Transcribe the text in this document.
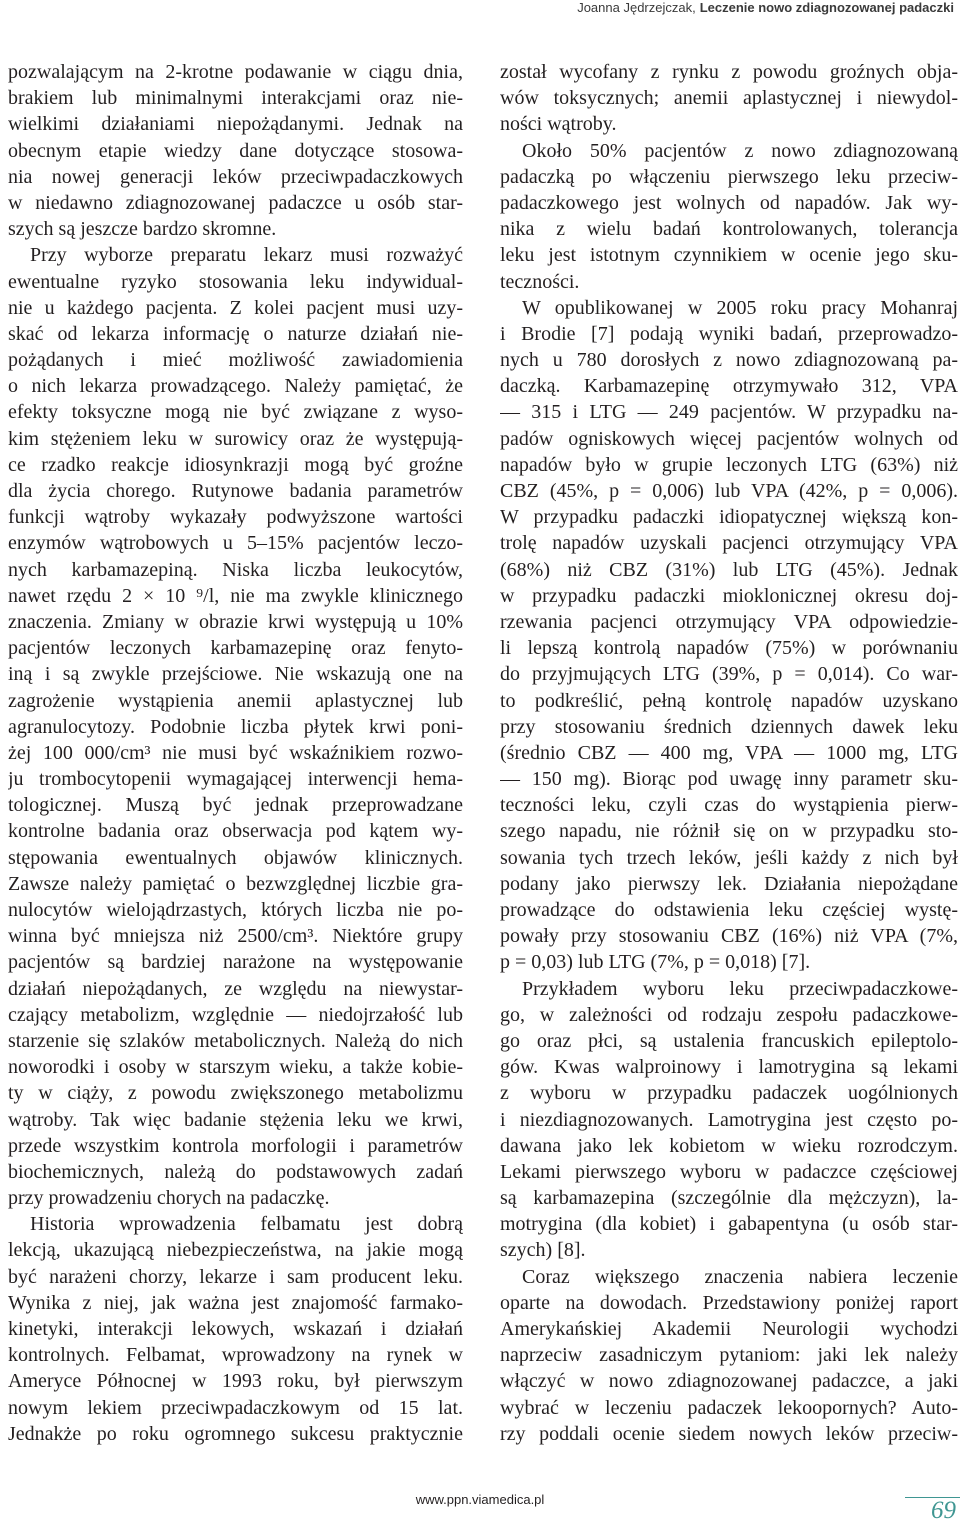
Joanna Jędrzejczak, Leczenie nowo zdiagnozowanej padaczki
pozwalającym na 2-krotne podawanie w ciągu dnia,
brakiem lub minimalnymi interakcjami oraz nie-
wielkimi działaniami niepożądanymi. Jednak na
obecnym etapie wiedzy dane dotyczące stosowa-
nia nowej generacji leków przeciwpadaczkowych
w niedawno zdiagnozowanej padaczce u osób star-
szych są jeszcze bardzo skromne.
Przy wyborze preparatu lekarz musi rozważyć
ewentualne ryzyko stosowania leku indywidual-
nie u każdego pacjenta. Z kolei pacjent musi uzy-
skać od lekarza informację o naturze działań nie-
pożądanych i mieć możliwość zawiadomienia
o nich lekarza prowadzącego. Należy pamiętać, że
efekty toksyczne mogą nie być związane z wyso-
kim stężeniem leku w surowicy oraz że występują-
ce rzadko reakcje idiosynkrazji mogą być groźne
dla życia chorego. Rutynowe badania parametrów
funkcji wątroby wykazały podwyższone wartości
enzymów wątrobowych u 5–15% pacjentów leczo-
nych karbamazepiną. Niska liczba leukocytów,
nawet rzędu 2 × 10 ⁹/l, nie ma zwykle klinicznego
znaczenia. Zmiany w obrazie krwi występują u 10%
pacjentów leczonych karbamazepinę oraz fenyto-
iną i są zwykle przejściowe. Nie wskazują one na
zagrożenie wystąpienia anemii aplastycznej lub
agranulocytozy. Podobnie liczba płytek krwi poni-
żej 100 000/cm³ nie musi być wskaźnikiem rozwo-
ju trombocytopenii wymagającej interwencji hema-
tologicznej. Muszą być jednak przeprowadzane
kontrolne badania oraz obserwacja pod kątem wy-
stępowania ewentualnych objawów klinicznych.
Zawsze należy pamiętać o bezwzględnej liczbie gra-
nulocytów wielojądrzastych, których liczba nie po-
winna być mniejsza niż 2500/cm³. Niektóre grupy
pacjentów są bardziej narażone na występowanie
działań niepożądanych, ze względu na niewystar-
czający metabolizm, względnie — niedojrzałość lub
starzenie się szlaków metabolicznych. Należą do nich
noworodki i osoby w starszym wieku, a także kobie-
ty w ciąży, z powodu zwiększonego metabolizmu
wątroby. Tak więc badanie stężenia leku we krwi,
przede wszystkim kontrola morfologii i parametrów
biochemicznych, należą do podstawowych zadań
przy prowadzeniu chorych na padaczkę.
Historia wprowadzenia felbamatu jest dobrą
lekcją, ukazującą niebezpieczeństwa, na jakie mogą
być narażeni chorzy, lekarze i sam producent leku.
Wynika z niej, jak ważna jest znajomość farmako-
kinetyki, interakcji lekowych, wskazań i działań
kontrolnych. Felbamat, wprowadzony na rynek w
Ameryce Północnej w 1993 roku, był pierwszym
nowym lekiem przeciwpadaczkowym od 15 lat.
Jednakże po roku ogromnego sukcesu praktycznie
został wycofany z rynku z powodu groźnych obja-
wów toksycznych; anemii aplastycznej i niewydol-
ności wątroby.
Około 50% pacjentów z nowo zdiagnozowaną
padaczką po włączeniu pierwszego leku przeciw-
padaczkowego jest wolnych od napadów. Jak wy-
nika z wielu badań kontrolowanych, tolerancja
leku jest istotnym czynnikiem w ocenie jego sku-
teczności.
W opublikowanej w 2005 roku pracy Mohanraj
i Brodie [7] podają wyniki badań, przeprowadzo-
nych u 780 dorosłych z nowo zdiagnozowaną pa-
daczką. Karbamazepinę otrzymywało 312, VPA
— 315 i LTG — 249 pacjentów. W przypadku na-
padów ogniskowych więcej pacjentów wolnych od
napadów było w grupie leczonych LTG (63%) niż
CBZ (45%, p = 0,006) lub VPA (42%, p = 0,006).
W przypadku padaczki idiopatycznej większą kon-
trolę napadów uzyskali pacjenci otrzymujący VPA
(68%) niż CBZ (31%) lub LTG (45%). Jednak
w przypadku padaczki mioklonicznej okresu doj-
rzewania pacjenci otrzymujący VPA odpowiedzie-
li lepszą kontrolą napadów (75%) w porównaniu
do przyjmujących LTG (39%, p = 0,014). Co war-
to podkreślić, pełną kontrolę napadów uzyskano
przy stosowaniu średnich dziennych dawek leku
(średnio CBZ — 400 mg, VPA — 1000 mg, LTG
— 150 mg). Biorąc pod uwagę inny parametr sku-
teczności leku, czyli czas do wystąpienia pierw-
szego napadu, nie różnił się on w przypadku sto-
sowania tych trzech leków, jeśli każdy z nich był
podany jako pierwszy lek. Działania niepożądane
prowadzące do odstawienia leku częściej wystę-
powały przy stosowaniu CBZ (16%) niż VPA (7%,
p = 0,03) lub LTG (7%, p = 0,018) [7].
Przykładem wyboru leku przeciwpadaczkowe-
go, w zależności od rodzaju zespołu padaczkowe-
go oraz płci, są ustalenia francuskich epileptolo-
gów. Kwas walproinowy i lamotrygina są lekami
z wyboru w przypadku padaczek uogólnionych
i niezdiagnozowanych. Lamotrygina jest często po-
dawana jako lek kobietom w wieku rozrodczym.
Lekami pierwszego wyboru w padaczce częściowej
są karbamazepina (szczególnie dla mężczyzn), la-
motrygina (dla kobiet) i gabapentyna (u osób star-
szych) [8].
Coraz większego znaczenia nabiera leczenie
oparte na dowodach. Przedstawiony poniżej raport
Amerykańskiej Akademii Neurologii wychodzi
naprzeciw zasadniczym pytaniom: jaki lek należy
włączyć w nowo zdiagnozowanej padaczce, a jaki
wybrać w leczeniu padaczek lekoopornych? Auto-
rzy poddali ocenie siedem nowych leków przeciw-
www.ppn.viamedica.pl	69
